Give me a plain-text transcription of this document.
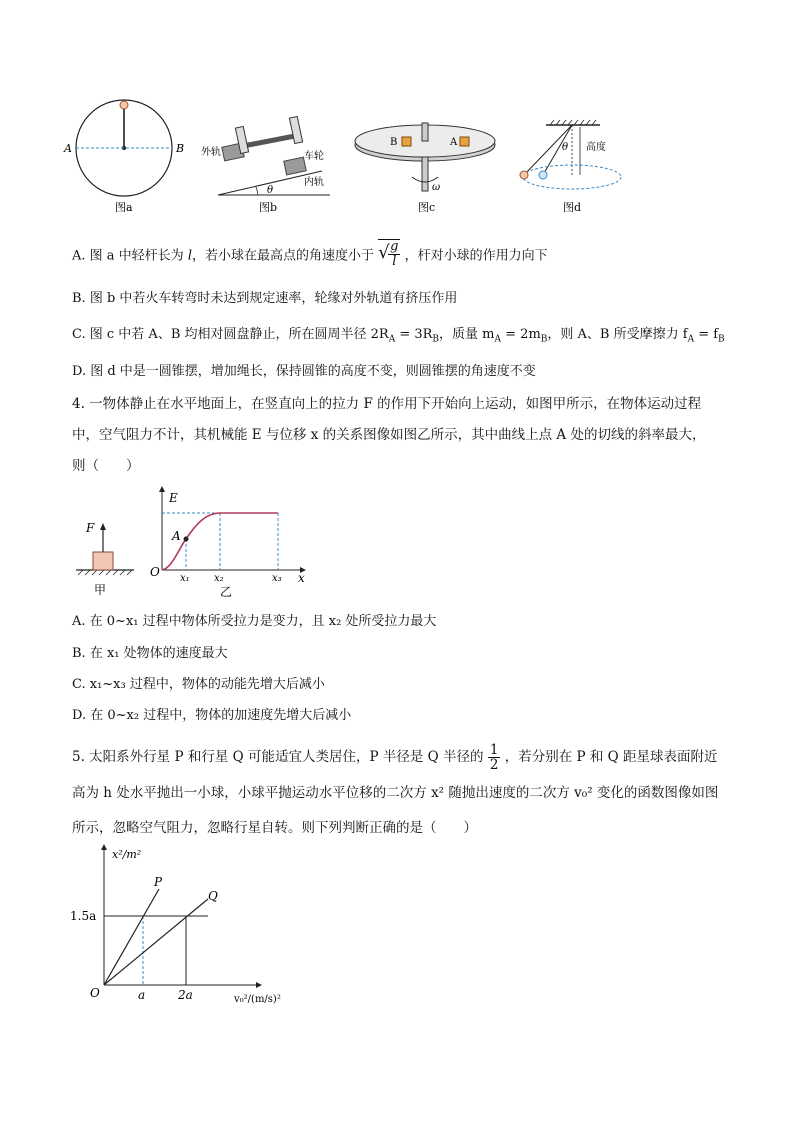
A	B 外轨	车轮
内轨
θ
B	A
ω
θ 高度
图a	图b	图c	图d
A. 图 a 中轻杆长为 l，若小球在最高点的角速度小于 √
$\frac{g}{l}$ ，杆对小球的作用力向下
B. 图 b 中若火车转弯时未达到规定速率，轮缘对外轨道有挤压作用
C. 图 c 中若 A、B 均相对圆盘静止，所在圆周半径 $2R_A = 3R_B$，质量 $m_A = 2m_B$，则 A、B 所受摩擦力 $f_A = f_B$
D. 图 d 中是一圆锥摆，增加绳长，保持圆锥的高度不变，则圆锥摆的角速度不变
4. 一物体静止在水平地面上，在竖直向上的拉力 F 的作用下开始向上运动，如图甲所示，在物体运动过程
中，空气阻力不计，其机械能 E 与位移 x 的关系图像如图乙所示，其中曲线上点 A 处的切线的斜率最大，
则（　　）
F
甲
E
A
O x₁ x₂	x₃ x
乙
A. 在 0~x₁ 过程中物体所受拉力是变力，且 x₂ 处所受拉力最大
B. 在 x₁ 处物体的速度最大
C. x₁~x₃ 过程中，物体的动能先增大后减小
D. 在 0~x₂ 过程中，物体的加速度先增大后减小
5. 太阳系外行星 P 和行星 Q 可能适宜人类居住，P 半径是 Q 半径的 $\frac{1}{2}$ ，若分别在 P 和 Q 距星球表面附近
高为 h 处水平抛出一小球，小球平抛运动水平位移的二次方 x² 随抛出速度的二次方 v₀² 变化的函数图像如图
所示，忽略空气阻力，忽略行星自转。则下列判断正确的是（　　）
x²/m²
P
Q
1.5a
O	a	2a	v₀²/(m/s)²
